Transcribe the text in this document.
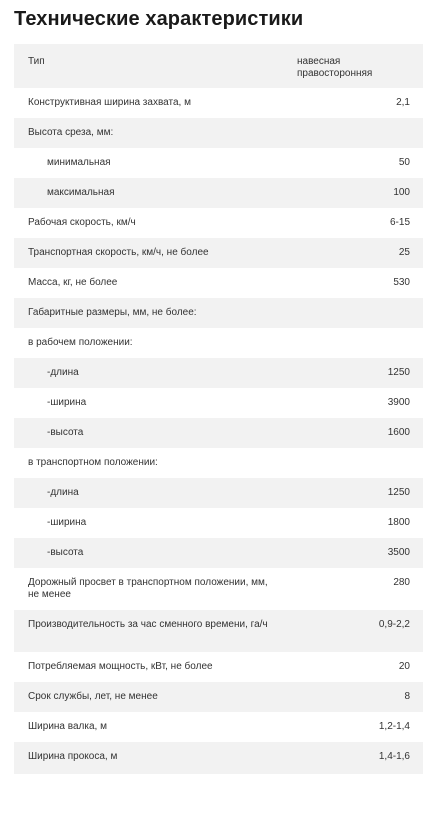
Технические характеристики
Тип	навесная правосторонняя
Конструктивная ширина захвата, м	2,1
Высота среза, мм:	
минимальная	50
максимальная	100
Рабочая скорость, км/ч	6-15
Транспортная скорость, км/ч, не более	25
Масса, кг, не более	530
Габаритные размеры, мм, не более:	
в рабочем положении:	
-длина	1250
-ширина	3900
-высота	1600
в транспортном положении:	
-длина	1250
-ширина	1800
-высота	3500
Дорожный просвет в транспортном положении, мм, не менее	280
Производительность за час сменного времени, га/ч	0,9-2,2
Потребляемая мощность, кВт, не более	20
Срок службы, лет, не менее	8
Ширина валка, м	1,2-1,4
Ширина прокоса, м	1,4-1,6
